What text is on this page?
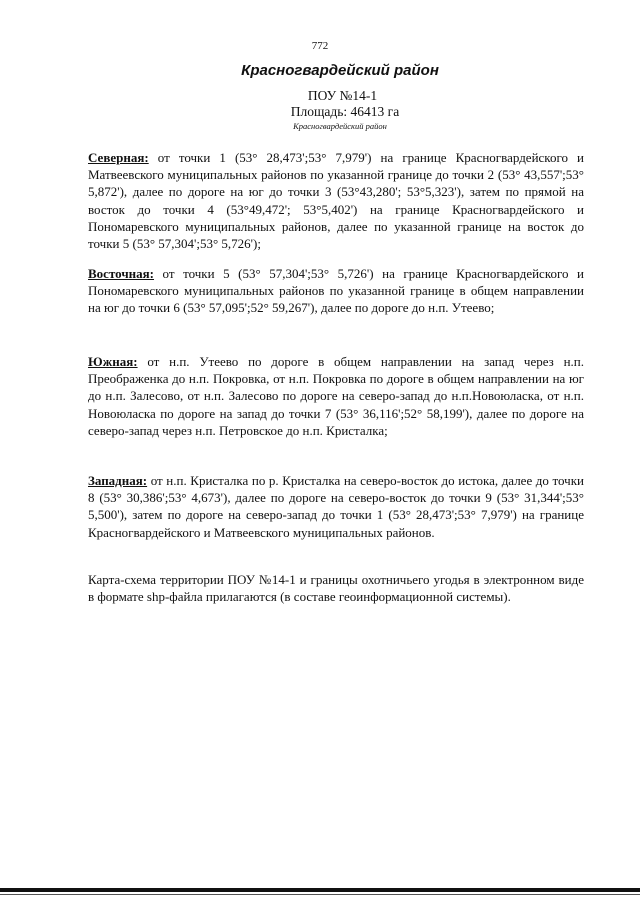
772
Красногвардейский район
ПОУ №14-1
Площадь: 46413 га
Красногвардейский район
Северная: от точки 1 (53° 28,473';53° 7,979') на границе Красногвардейского и Матвеевского муниципальных районов по указанной границе до точки 2 (53° 43,557';53° 5,872'), далее по дороге на юг до точки 3 (53°43,280'; 53°5,323'), затем по прямой на восток до точки 4 (53°49,472'; 53°5,402') на границе Красногвардейского и Пономаревского муниципальных районов, далее по указанной границе на восток до точки 5 (53° 57,304';53° 5,726');
Восточная: от точки 5 (53° 57,304';53° 5,726') на границе Красногвардейского и Пономаревского муниципальных районов по указанной границе в общем направлении на юг до точки 6 (53° 57,095';52° 59,267'), далее по дороге до н.п. Утеево;
Южная: от н.п. Утеево по дороге в общем направлении на запад через н.п. Преображенка до н.п. Покровка, от н.п. Покровка по дороге в общем направлении на юг до н.п. Залесово, от н.п. Залесово по дороге на северо-запад до н.п.Новоюласка, от н.п. Новоюласка по дороге на запад до точки 7 (53° 36,116';52° 58,199'), далее по дороге на северо-запад через н.п. Петровское до н.п. Кристалка;
Западная: от н.п. Кристалка по р. Кристалка на северо-восток до истока, далее до точки 8 (53° 30,386';53° 4,673'), далее по дороге на северо-восток до точки 9 (53° 31,344';53° 5,500'), затем по дороге на северо-запад до точки 1 (53° 28,473';53° 7,979') на границе Красногвардейского и Матвеевского муниципальных районов.
Карта-схема территории ПОУ №14-1 и границы охотничьего угодья в электронном виде в формате shp-файла прилагаются (в составе геоинформационной системы).
